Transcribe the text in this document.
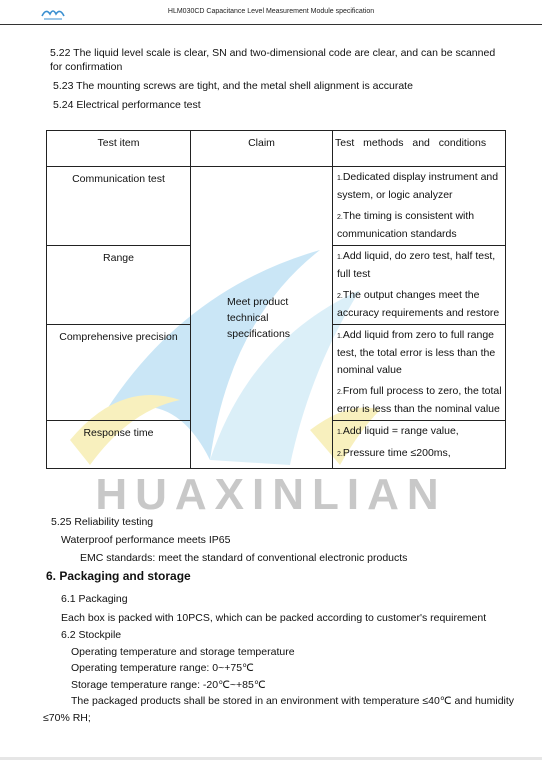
HLM030CD Capacitance Level Measurement Module specification
HUAXINLIAN
5.22 The liquid level scale is clear, SN and two-dimensional code are clear, and can be scanned for confirmation
5.23 The mounting screws are tight, and the metal shell alignment is accurate
5.24 Electrical performance test
Test item	Claim	Test methods and conditions

Communication test	Meet product technical specifications	1.Dedicated display instrument and system, or logic analyzer
2.The timing is consistent with communication standards

Range		1.Add liquid, do zero test, half test, full test
2.The output changes meet the accuracy requirements and restore

Comprehensive precision		1.Add liquid from zero to full range test, the total error is less than the nominal value
2.From full process to zero, the total error is less than the nominal value

Response time		1.Add liquid = range value,
2.Pressure time ≤200ms,
5.25 Reliability testing
Waterproof performance meets IP65
EMC standards: meet the standard of conventional electronic products
6. Packaging and storage
6.1 Packaging
Each box is packed with 10PCS, which can be packed according to customer's requirement
6.2 Stockpile
Operating temperature and storage temperature
Operating temperature range: 0~+75℃
Storage temperature range: -20℃~+85℃
The packaged products shall be stored in an environment with temperature ≤40℃ and humidity
≤70% RH;
